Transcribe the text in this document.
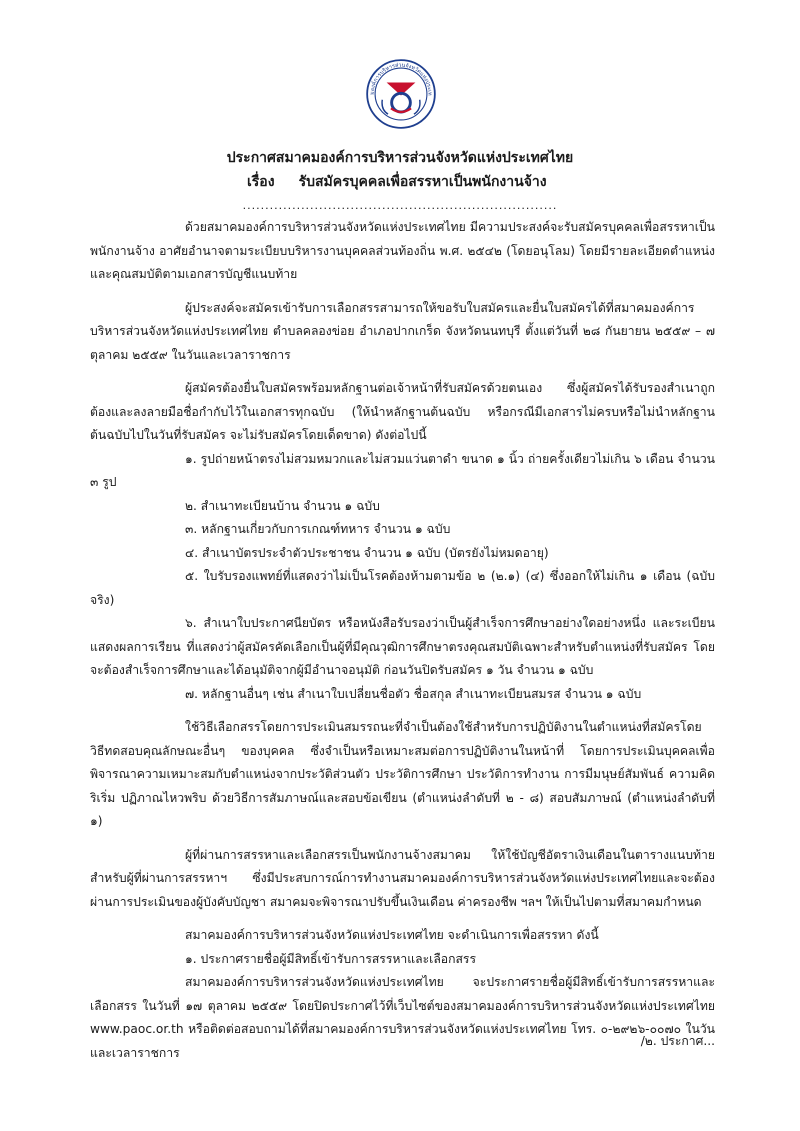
มองค์การบริหารส่วนจังหวัดแห่งประเท
ประกาศสมาคมองค์การบริหารส่วนจังหวัดแห่งประเทศไทย
เรื่อง รับสมัครบุคคลเพื่อสรรหาเป็นพนักงานจ้าง
......................................................................

ด้วยสมาคมองค์การบริหารส่วนจังหวัดแห่งประเทศไทย มีความประสงค์จะรับสมัครบุคคลเพื่อสรรหาเป็นพนักงานจ้าง อาศัยอำนาจตามระเบียบบริหารงานบุคคลส่วนท้องถิ่น พ.ศ. ๒๕๔๒ (โดยอนุโลม) โดยมีรายละเอียดตำแหน่งและคุณสมบัติตามเอกสารบัญชีแนบท้าย

ผู้ประสงค์จะสมัครเข้ารับการเลือกสรรสามารถให้ขอรับใบสมัครและยื่นใบสมัครได้ที่สมาคมองค์การบริหารส่วนจังหวัดแห่งประเทศไทย ตำบลคลองข่อย อำเภอปากเกร็ด จังหวัดนนทบุรี ตั้งแต่วันที่ ๒๘ กันยายน ๒๕๕๙ – ๗ ตุลาคม ๒๕๕๙ ในวันและเวลาราชการ

ผู้สมัครต้องยื่นใบสมัครพร้อมหลักฐานต่อเจ้าหน้าที่รับสมัครด้วยตนเอง ซึ่งผู้สมัครได้รับรองสำเนาถูกต้องและลงลายมือชื่อกำกับไว้ในเอกสารทุกฉบับ (ให้นำหลักฐานต้นฉบับ หรือกรณีมีเอกสารไม่ครบหรือไม่นำหลักฐานต้นฉบับไปในวันที่รับสมัคร จะไม่รับสมัครโดยเด็ดขาด) ดังต่อไปนี้

๑. รูปถ่ายหน้าตรงไม่สวมหมวกและไม่สวมแว่นตาดำ ขนาด ๑ นิ้ว ถ่ายครั้งเดียวไม่เกิน ๖ เดือน จำนวน ๓ รูป

๒. สำเนาทะเบียนบ้าน จำนวน ๑ ฉบับ

๓. หลักฐานเกี่ยวกับการเกณฑ์ทหาร จำนวน ๑ ฉบับ

๔. สำเนาบัตรประจำตัวประชาชน จำนวน ๑ ฉบับ (บัตรยังไม่หมดอายุ)

๕. ใบรับรองแพทย์ที่แสดงว่าไม่เป็นโรคต้องห้ามตามข้อ ๒ (๒.๑) (๔) ซึ่งออกให้ไม่เกิน ๑ เดือน (ฉบับจริง)

๖. สำเนาใบประกาศนียบัตร หรือหนังสือรับรองว่าเป็นผู้สำเร็จการศึกษาอย่างใดอย่างหนึ่ง และระเบียนแสดงผลการเรียน ที่แสดงว่าผู้สมัครคัดเลือกเป็นผู้ที่มีคุณวุฒิการศึกษาตรงคุณสมบัติเฉพาะสำหรับตำแหน่งที่รับสมัคร โดยจะต้องสำเร็จการศึกษาและได้อนุมัติจากผู้มีอำนาจอนุมัติ ก่อนวันปิดรับสมัคร ๑ วัน จำนวน ๑ ฉบับ

๗. หลักฐานอื่นๆ เช่น สำเนาใบเปลี่ยนชื่อตัว ชื่อสกุล สำเนาทะเบียนสมรส จำนวน ๑ ฉบับ

ใช้วิธีเลือกสรรโดยการประเมินสมรรถนะที่จำเป็นต้องใช้สำหรับการปฏิบัติงานในตำแหน่งที่สมัครโดย วิธีทดสอบคุณลักษณะอื่นๆ ของบุคคล ซึ่งจำเป็นหรือเหมาะสมต่อการปฏิบัติงานในหน้าที่ โดยการประเมินบุคคลเพื่อพิจารณาความเหมาะสมกับตำแหน่งจากประวัติส่วนตัว ประวัติการศึกษา ประวัติการทำงาน การมีมนุษย์สัมพันธ์ ความคิดริเริ่ม ปฏิภาณไหวพริบ ด้วยวิธีการสัมภาษณ์และสอบข้อเขียน (ตำแหน่งลำดับที่ ๒ - ๘) สอบสัมภาษณ์ (ตำแหน่งลำดับที่ ๑)

ผู้ที่ผ่านการสรรหาและเลือกสรรเป็นพนักงานจ้างสมาคม ให้ใช้บัญชีอัตราเงินเดือนในตารางแนบท้ายสำหรับผู้ที่ผ่านการสรรหาฯ ซึ่งมีประสบการณ์การทำงานสมาคมองค์การบริหารส่วนจังหวัดแห่งประเทศไทยและจะต้องผ่านการประเมินของผู้บังคับบัญชา สมาคมจะพิจารณาปรับขึ้นเงินเดือน ค่าครองชีพ ฯลฯ ให้เป็นไปตามที่สมาคมกำหนด

สมาคมองค์การบริหารส่วนจังหวัดแห่งประเทศไทย จะดำเนินการเพื่อสรรหา ดังนี้

๑. ประกาศรายชื่อผู้มีสิทธิ์เข้ารับการสรรหาและเลือกสรร

สมาคมองค์การบริหารส่วนจังหวัดแห่งประเทศไทย จะประกาศรายชื่อผู้มีสิทธิ์เข้ารับการสรรหาและเลือกสรร ในวันที่ ๑๗ ตุลาคม ๒๕๕๙ โดยปิดประกาศไว้ที่เว็บไซต์ของสมาคมองค์การบริหารส่วนจังหวัดแห่งประเทศไทย www.paoc.or.th หรือติดต่อสอบถามได้ที่สมาคมองค์การบริหารส่วนจังหวัดแห่งประเทศไทย โทร. ๐-๒๙๒๖-๐๐๗๐ ในวันและเวลาราชการ

/๒. ประกาศ...
